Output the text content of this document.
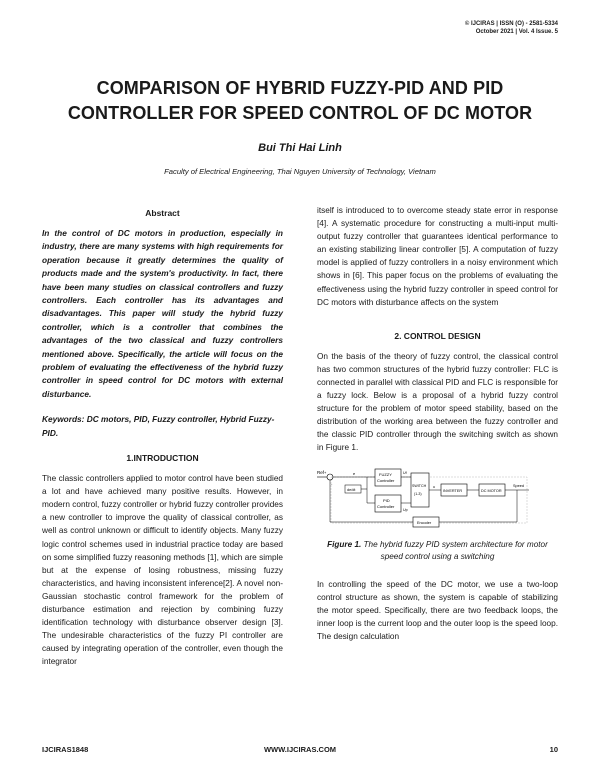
© IJCIRAS | ISSN (O) - 2581-5334
October 2021 | Vol. 4 Issue. 5
COMPARISON OF HYBRID FUZZY-PID AND PID
CONTROLLER FOR SPEED CONTROL OF DC MOTOR
Bui Thi Hai Linh
Faculty of Electrical Engineering, Thai Nguyen University of Technology, Vietnam
Abstract

In the control of DC motors in production, especially in industry, there are many systems with high requirements for operation because it greatly determines the quality of products made and the system's productivity. In fact, there have been many studies on classical controllers and fuzzy controllers. Each controller has its advantages and disadvantages. This paper will study the hybrid fuzzy controller, which is a controller that combines the advantages of the two classical and fuzzy controllers mentioned above. Specifically, the article will focus on the problem of evaluating the effectiveness of the hybrid fuzzy controller in speed control for DC motors with external disturbance.

Keywords: DC motors, PID, Fuzzy controller, Hybrid Fuzzy-PID.

1.INTRODUCTION

The classic controllers applied to motor control have been studied a lot and have achieved many positive results. However, in modern control, fuzzy controller or hybrid fuzzy controller provides a new controller to improve the quality of classical controller, as well as control unknown or difficult to identify objects. Many fuzzy logic control schemes used in industrial practice today are based on some simplified fuzzy reasoning methods [1], which are simple but at the expense of losing robustness, missing fuzzy characteristics, and having inconsistent inference[2]. A novel non-Gaussian stochastic control framework for the problem of disturbance estimation and rejection by combining fuzzy identification technology with disturbance observer design [3]. The undesirable characteristics of the fuzzy PI controller are caused by integrating operation of the controller, even though the integrator

itself is introduced to to overcome steady state error in response [4]. A systematic procedure for constructing a multi-input multi-output fuzzy controller that guarantees identical performance to an existing stabilizing linear controller [5]. A computation of fuzzy model is applied of fuzzy controllers in a noisy environment which shows in [6]. This paper focus on the problems of evaluating the effectiveness using the hybrid fuzzy controller in speed control for DC motors with disturbance affects on the system

2. CONTROL DESIGN

On the basis of the theory of fuzzy control, the classical control has two common structures of the hybrid fuzzy controller: FLC is connected in parallel with classical PID and FLC is responsible for a fuzzy lock. Below is a proposal of a hybrid fuzzy control structure for the problem of motor speed stability, based on the distribution of the working area between the fuzzy controller and the classic PID controller through the switching switch as shown in Figure 1.

Ref +
-
e
de/dt
FUZZY
Controller
PID
Controller
Uf
Up
SWITCH
(1-3)
u
INVERTER	DC MOTOR
Speed
Encoder
Figure 1. The hybrid fuzzy PID system architecture for motor speed control using a switching

In controlling the speed of the DC motor, we use a two-loop control structure as shown, the system is capable of stabilizing the motor speed. Specifically, there are two feedback loops, the inner loop is the current loop and the outer loop is the speed loop. The design calculation

IJCIRAS1848	WWW.IJCIRAS.COM	10
